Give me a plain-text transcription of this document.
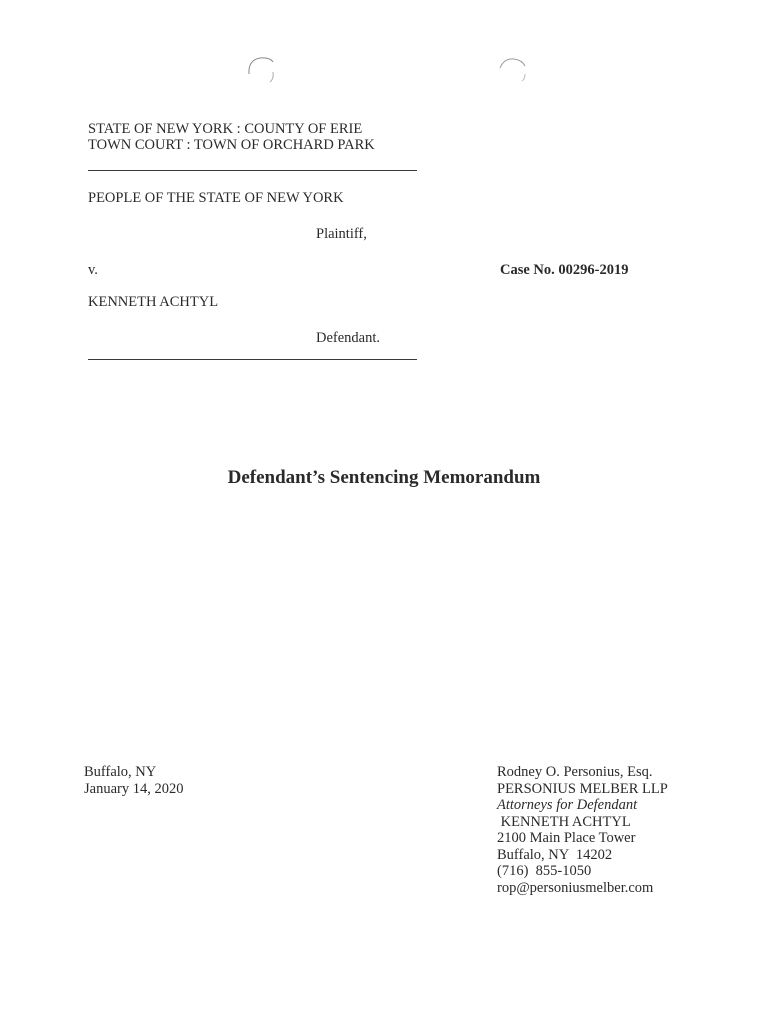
STATE OF NEW YORK : COUNTY OF ERIE
TOWN COURT : TOWN OF ORCHARD PARK
PEOPLE OF THE STATE OF NEW YORK
Plaintiff,
v.	Case No. 00296-2019
KENNETH ACHTYL
Defendant.
Defendant’s Sentencing Memorandum
Buffalo, NY
January 14, 2020
Rodney O. Personius, Esq.
PERSONIUS MELBER LLP
Attorneys for Defendant
KENNETH ACHTYL
2100 Main Place Tower
Buffalo, NY  14202
(716)  855-1050
rop@personiusmelber.com
